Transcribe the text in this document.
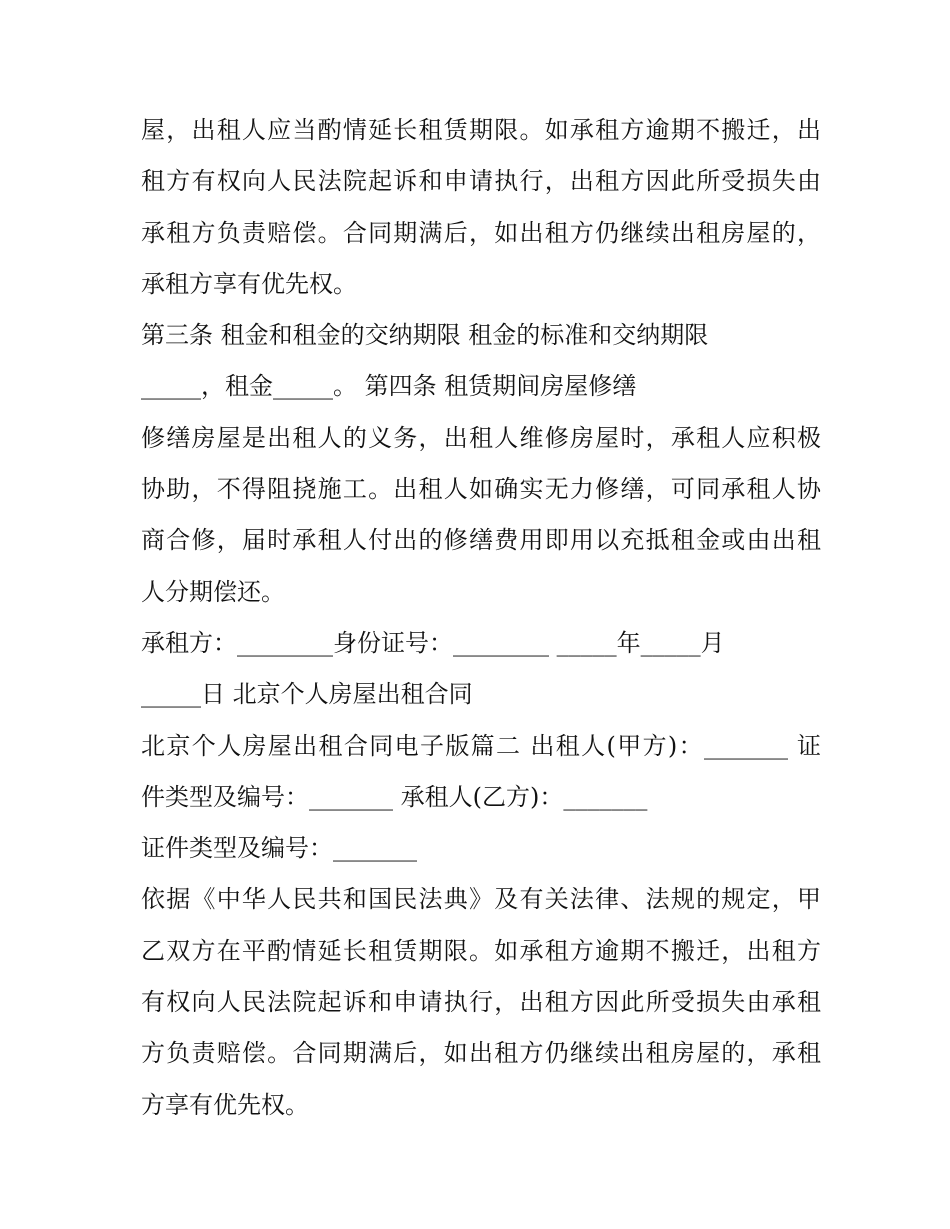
屋，出租人应当酌情延长租赁期限。如承租方逾期不搬迁，出
租方有权向人民法院起诉和申请执行，出租方因此所受损失由
承租方负责赔偿。合同期满后，如出租方仍继续出租房屋的，
承租方享有优先权。
第三条 租金和租金的交纳期限 租金的标准和交纳期限
_____，租金_____。 第四条 租赁期间房屋修缮
修缮房屋是出租人的义务，出租人维修房屋时，承租人应积极
协助，不得阻挠施工。出租人如确实无力修缮，可同承租人协
商合修，届时承租人付出的修缮费用即用以充抵租金或由出租
人分期偿还。
承租方：________身份证号：________ _____年_____月
_____日 北京个人房屋出租合同
北京个人房屋出租合同电子版篇二 出租人(甲方)：_______ 证
件类型及编号：_______ 承租人(乙方)：_______
证件类型及编号：_______
依据《中华人民共和国民法典》及有关法律、法规的规定，甲
乙双方在平酌情延长租赁期限。如承租方逾期不搬迁，出租方
有权向人民法院起诉和申请执行，出租方因此所受损失由承租
方负责赔偿。合同期满后，如出租方仍继续出租房屋的，承租
方享有优先权。
